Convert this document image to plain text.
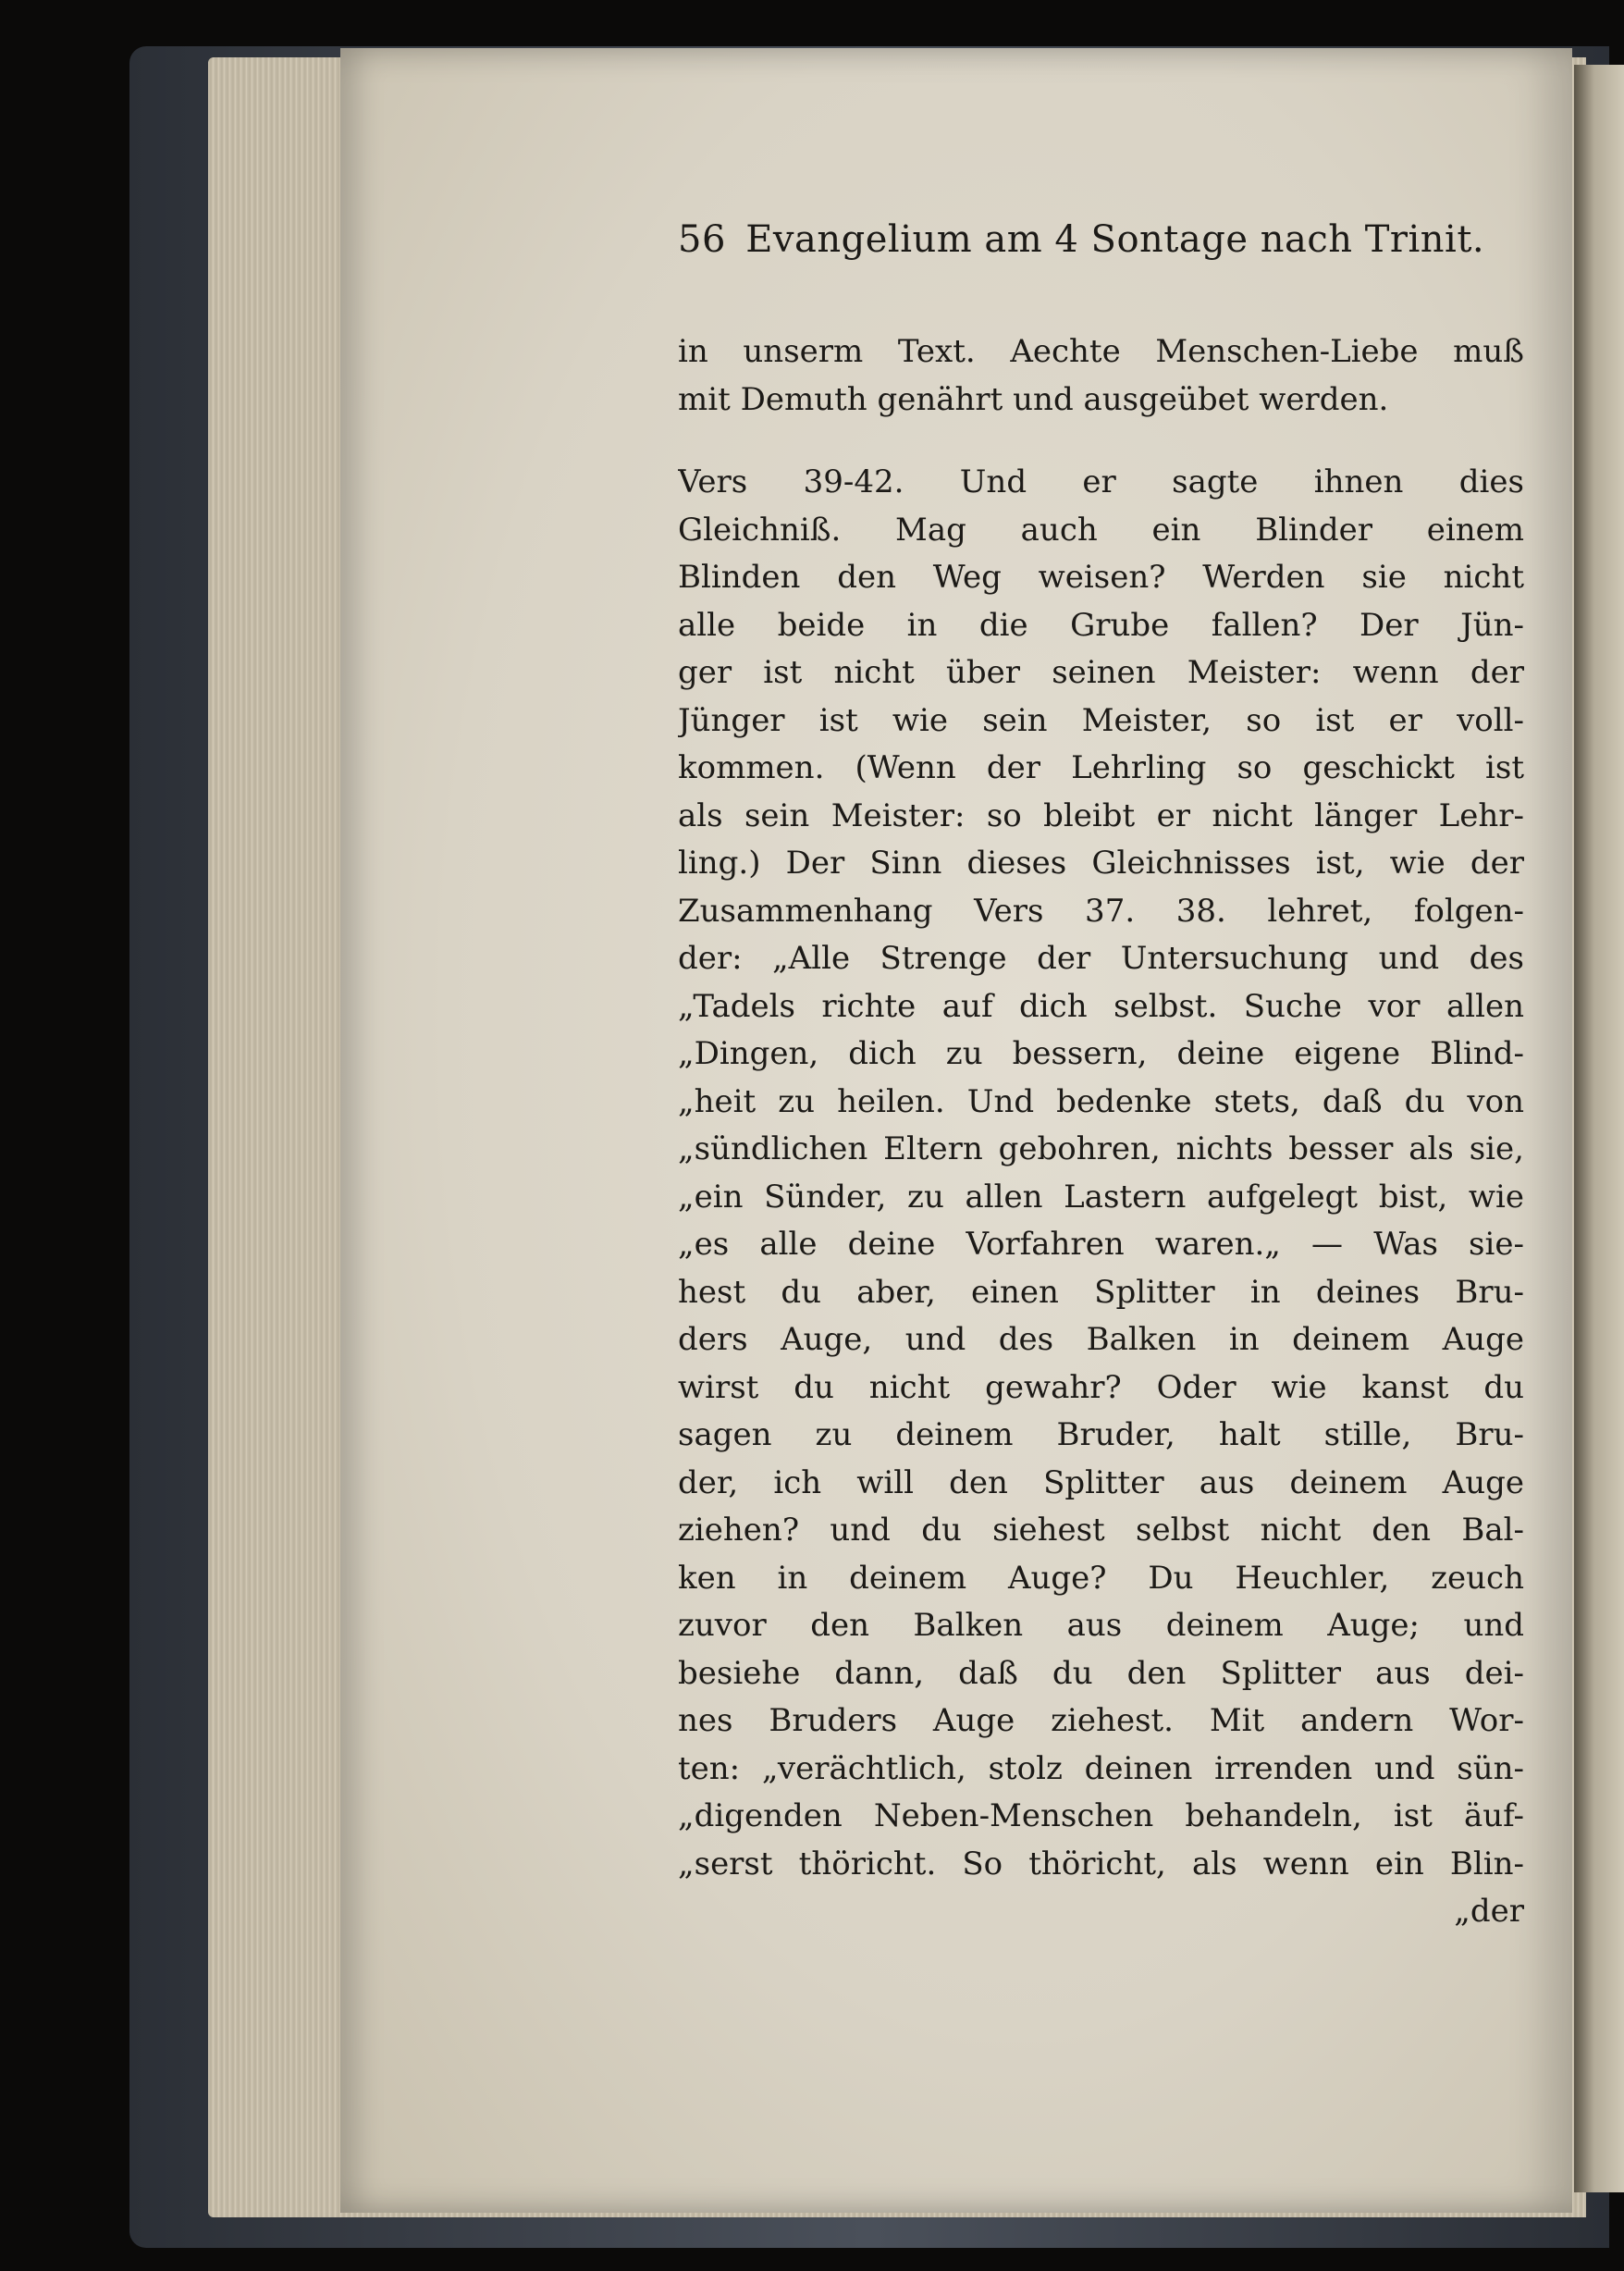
56 Evangelium am 4 Sontage nach Trinit.
in unserm Text. Aechte Menschen-Liebe muß
mit Demuth genährt und ausgeübet werden.
Vers 39-42. Und er sagte ihnen dies
Gleichniß. Mag auch ein Blinder einem
Blinden den Weg weisen? Werden sie nicht
alle beide in die Grube fallen? Der Jün-
ger ist nicht über seinen Meister: wenn der
Jünger ist wie sein Meister, so ist er voll-
kommen. (Wenn der Lehrling so geschickt ist
als sein Meister: so bleibt er nicht länger Lehr-
ling.) Der Sinn dieses Gleichnisses ist, wie der
Zusammenhang Vers 37. 38. lehret, folgen-
der: „Alle Strenge der Untersuchung und des
„Tadels richte auf dich selbst. Suche vor allen
„Dingen, dich zu bessern, deine eigene Blind-
„heit zu heilen. Und bedenke stets, daß du von
„sündlichen Eltern gebohren, nichts besser als sie,
„ein Sünder, zu allen Lastern aufgelegt bist, wie
„es alle deine Vorfahren waren.„ — Was sie-
hest du aber, einen Splitter in deines Bru-
ders Auge, und des Balken in deinem Auge
wirst du nicht gewahr? Oder wie kanst du
sagen zu deinem Bruder, halt stille, Bru-
der, ich will den Splitter aus deinem Auge
ziehen? und du siehest selbst nicht den Bal-
ken in deinem Auge? Du Heuchler, zeuch
zuvor den Balken aus deinem Auge; und
besiehe dann, daß du den Splitter aus dei-
nes Bruders Auge ziehest. Mit andern Wor-
ten: „verächtlich, stolz deinen irrenden und sün-
„digenden Neben-Menschen behandeln, ist äuf-
„serst thöricht. So thöricht, als wenn ein Blin-
„der
